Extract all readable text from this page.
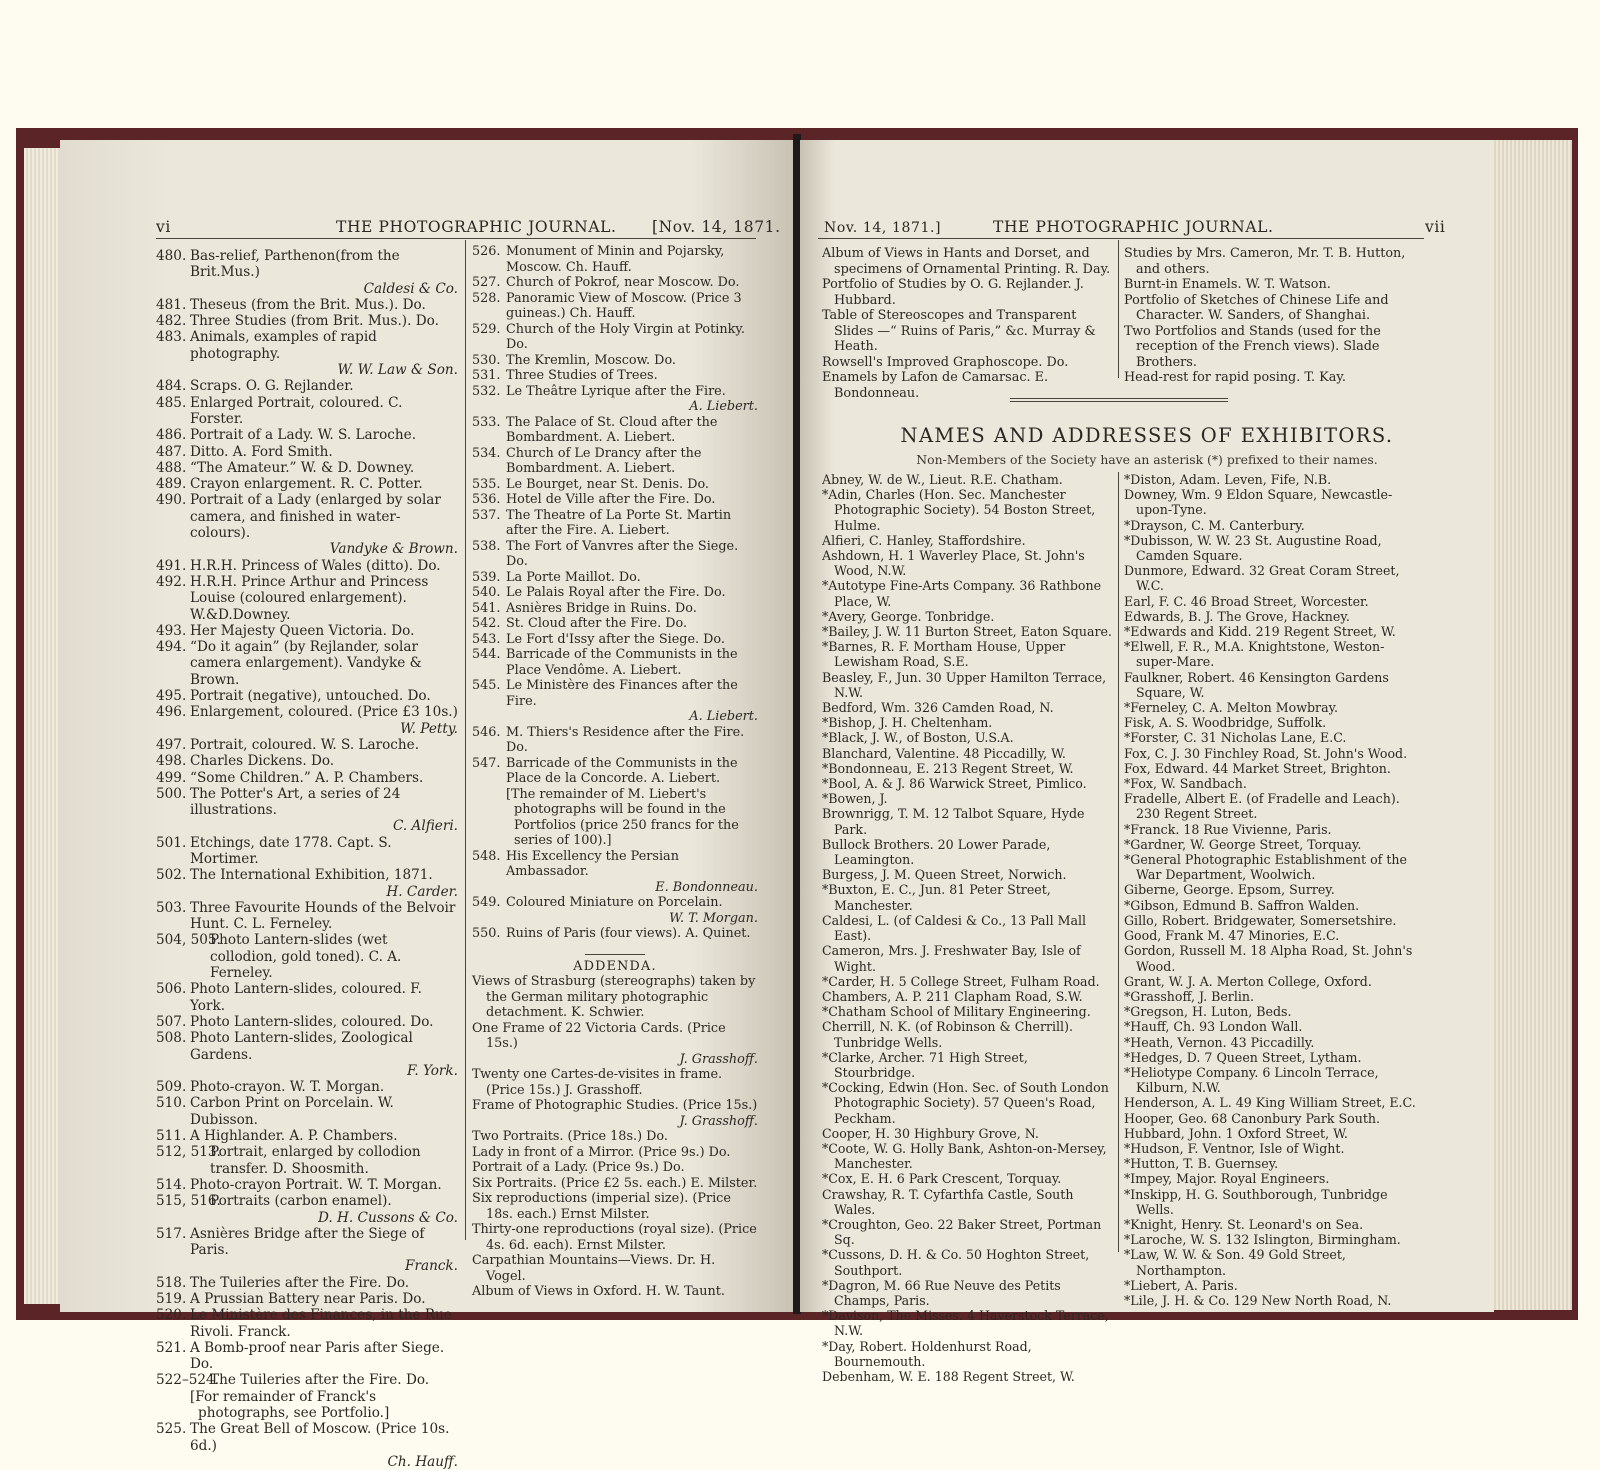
vi	THE PHOTOGRAPHIC JOURNAL. [Nov. 14, 1871.
480. Bas-relief, Parthenon(from the Brit.Mus.)
Caldesi & Co.
481. Theseus (from the Brit. Mus.). Do.
482. Three Studies (from Brit. Mus.). Do.
483. Animals, examples of rapid photography.
W. W. Law & Son.
484. Scraps. O. G. Rejlander.
485. Enlarged Portrait, coloured. C. Forster.
486. Portrait of a Lady. W. S. Laroche.
487. Ditto. A. Ford Smith.
488. “The Amateur.” W. & D. Downey.
489. Crayon enlargement. R. C. Potter.
490. Portrait of a Lady (enlarged by solar camera, and finished in water-colours).
Vandyke & Brown.
491. H.R.H. Princess of Wales (ditto). Do.
492. H.R.H. Prince Arthur and Princess Louise (coloured enlargement). W.&D.Downey.
493. Her Majesty Queen Victoria. Do.
494. “Do it again” (by Rejlander, solar camera enlargement). Vandyke & Brown.
495. Portrait (negative), untouched. Do.
496. Enlargement, coloured. (Price £3 10s.)
W. Petty.
497. Portrait, coloured. W. S. Laroche.
498. Charles Dickens. Do.
499. “Some Children.” A. P. Chambers.
500. The Potter's Art, a series of 24 illustrations.
C. Alfieri.
501. Etchings, date 1778. Capt. S. Mortimer.
502. The International Exhibition, 1871.
H. Carder.
503. Three Favourite Hounds of the Belvoir Hunt. C. L. Ferneley.
504, 505.
Photo Lantern-slides (wet collodion, gold toned). C. A. Ferneley.
506. Photo Lantern-slides, coloured. F. York.
507. Photo Lantern-slides, coloured. Do.
508. Photo Lantern-slides, Zoological Gardens.
F. York.
509. Photo-crayon. W. T. Morgan.
510. Carbon Print on Porcelain. W. Dubisson.
511. A Highlander. A. P. Chambers.
512, 513.
Portrait, enlarged by collodion transfer. D. Shoosmith.
514. Photo-crayon Portrait. W. T. Morgan.
515, 516.
Portraits (carbon enamel).
D. H. Cussons & Co.
517. Asnières Bridge after the Siege of Paris.
Franck.
518. The Tuileries after the Fire. Do.
519. A Prussian Battery near Paris. Do.
520. Le Ministère des Finances, in the Rue Rivoli. Franck.
521. A Bomb-proof near Paris after Siege. Do.
522–524.
The Tuileries after the Fire. Do.
[For remainder of Franck's photographs, see Portfolio.]
525. The Great Bell of Moscow. (Price 10s. 6d.)
Ch. Hauff.
526. Monument of Minin and Pojarsky, Moscow. Ch. Hauff.
527. Church of Pokrof, near Moscow. Do.
528. Panoramic View of Moscow. (Price 3 guineas.) Ch. Hauff.
529. Church of the Holy Virgin at Potinky. Do.
530. The Kremlin, Moscow. Do.
531. Three Studies of Trees.
532. Le Theâtre Lyrique after the Fire.
A. Liebert.
533. The Palace of St. Cloud after the Bombardment. A. Liebert.
534. Church of Le Drancy after the Bombardment. A. Liebert.
535. Le Bourget, near St. Denis. Do.
536. Hotel de Ville after the Fire. Do.
537. The Theatre of La Porte St. Martin after the Fire. A. Liebert.
538. The Fort of Vanvres after the Siege. Do.
539. La Porte Maillot. Do.
540. Le Palais Royal after the Fire. Do.
541. Asnières Bridge in Ruins. Do.
542. St. Cloud after the Fire. Do.
543. Le Fort d'Issy after the Siege. Do.
544. Barricade of the Communists in the Place Vendôme. A. Liebert.
545. Le Ministère des Finances after the Fire.
A. Liebert.
546. M. Thiers's Residence after the Fire. Do.
547. Barricade of the Communists in the Place de la Concorde. A. Liebert.
[The remainder of M. Liebert's photographs will be found in the Portfolios (price 250 francs for the series of 100).]
548. His Excellency the Persian Ambassador.
E. Bondonneau.
549. Coloured Miniature on Porcelain.
W. T. Morgan.
550. Ruins of Paris (four views). A. Quinet.
ADDENDA.
Views of Strasburg (stereographs) taken by the German military photographic detachment. K. Schwier.
One Frame of 22 Victoria Cards. (Price 15s.)
J. Grasshoff.
Twenty one Cartes-de-visites in frame. (Price 15s.) J. Grasshoff.
Frame of Photographic Studies. (Price 15s.)
J. Grasshoff.
Two Portraits. (Price 18s.) Do.
Lady in front of a Mirror. (Price 9s.) Do.
Portrait of a Lady. (Price 9s.) Do.
Six Portraits. (Price £2 5s. each.) E. Milster.
Six reproductions (imperial size). (Price 18s. each.) Ernst Milster.
Thirty-one reproductions (royal size). (Price 4s. 6d. each). Ernst Milster.
Carpathian Mountains—Views. Dr. H. Vogel.
Album of Views in Oxford. H. W. Taunt.
Nov. 14, 1871.]	THE PHOTOGRAPHIC JOURNAL.	vii
Album of Views in Hants and Dorset, and specimens of Ornamental Printing. R. Day.
Portfolio of Studies by O. G. Rejlander. J. Hubbard.
Table of Stereoscopes and Transparent Slides —“ Ruins of Paris,” &c. Murray & Heath.
Rowsell's Improved Graphoscope. Do.
Enamels by Lafon de Camarsac. E. Bondonneau.
Studies by Mrs. Cameron, Mr. T. B. Hutton, and others.
Burnt-in Enamels. W. T. Watson.
Portfolio of Sketches of Chinese Life and Character. W. Sanders, of Shanghai.
Two Portfolios and Stands (used for the reception of the French views). Slade Brothers.
Head-rest for rapid posing. T. Kay.
NAMES AND ADDRESSES OF EXHIBITORS.
Non-Members of the Society have an asterisk (*) prefixed to their names.
Abney, W. de W., Lieut. R.E. Chatham.
*Adin, Charles (Hon. Sec. Manchester Photographic Society). 54 Boston Street, Hulme.
Alfieri, C. Hanley, Staffordshire.
Ashdown, H. 1 Waverley Place, St. John's Wood, N.W.
*Autotype Fine-Arts Company. 36 Rathbone Place, W.
*Avery, George. Tonbridge.
*Bailey, J. W. 11 Burton Street, Eaton Square.
*Barnes, R. F. Mortham House, Upper Lewisham Road, S.E.
Beasley, F., Jun. 30 Upper Hamilton Terrace, N.W.
Bedford, Wm. 326 Camden Road, N.
*Bishop, J. H. Cheltenham.
*Black, J. W., of Boston, U.S.A.
Blanchard, Valentine. 48 Piccadilly, W.
*Bondonneau, E. 213 Regent Street, W.
*Bool, A. & J. 86 Warwick Street, Pimlico.
*Bowen, J.
Brownrigg, T. M. 12 Talbot Square, Hyde Park.
Bullock Brothers. 20 Lower Parade, Leamington.
Burgess, J. M. Queen Street, Norwich.
*Buxton, E. C., Jun. 81 Peter Street, Manchester.
Caldesi, L. (of Caldesi & Co., 13 Pall Mall East).
Cameron, Mrs. J. Freshwater Bay, Isle of Wight.
*Carder, H. 5 College Street, Fulham Road.
Chambers, A. P. 211 Clapham Road, S.W.
*Chatham School of Military Engineering.
Cherrill, N. K. (of Robinson & Cherrill). Tunbridge Wells.
*Clarke, Archer. 71 High Street, Stourbridge.
*Cocking, Edwin (Hon. Sec. of South London Photographic Society). 57 Queen's Road, Peckham.
Cooper, H. 30 Highbury Grove, N.
*Coote, W. G. Holly Bank, Ashton-on-Mersey, Manchester.
*Cox, E. H. 6 Park Crescent, Torquay.
Crawshay, R. T. Cyfarthfa Castle, South Wales.
*Croughton, Geo. 22 Baker Street, Portman Sq.
*Cussons, D. H. & Co. 50 Hoghton Street, Southport.
*Dagron, M. 66 Rue Neuve des Petits Champs, Paris.
*Davison, The Misses. 4 Haverstock Terrace, N.W.
*Day, Robert. Holdenhurst Road, Bournemouth.
Debenham, W. E. 188 Regent Street, W.
*Diston, Adam. Leven, Fife, N.B.
Downey, Wm. 9 Eldon Square, Newcastle-upon-Tyne.
*Drayson, C. M. Canterbury.
*Dubisson, W. W. 23 St. Augustine Road, Camden Square.
Dunmore, Edward. 32 Great Coram Street, W.C.
Earl, F. C. 46 Broad Street, Worcester.
Edwards, B. J. The Grove, Hackney.
*Edwards and Kidd. 219 Regent Street, W.
*Elwell, F. R., M.A. Knightstone, Weston-super-Mare.
Faulkner, Robert. 46 Kensington Gardens Square, W.
*Ferneley, C. A. Melton Mowbray.
Fisk, A. S. Woodbridge, Suffolk.
*Forster, C. 31 Nicholas Lane, E.C.
Fox, C. J. 30 Finchley Road, St. John's Wood.
Fox, Edward. 44 Market Street, Brighton.
*Fox, W. Sandbach.
Fradelle, Albert E. (of Fradelle and Leach). 230 Regent Street.
*Franck. 18 Rue Vivienne, Paris.
*Gardner, W. George Street, Torquay.
*General Photographic Establishment of the War Department, Woolwich.
Giberne, George. Epsom, Surrey.
*Gibson, Edmund B. Saffron Walden.
Gillo, Robert. Bridgewater, Somersetshire.
Good, Frank M. 47 Minories, E.C.
Gordon, Russell M. 18 Alpha Road, St. John's Wood.
Grant, W. J. A. Merton College, Oxford.
*Grasshoff, J. Berlin.
*Gregson, H. Luton, Beds.
*Hauff, Ch. 93 London Wall.
*Heath, Vernon. 43 Piccadilly.
*Hedges, D. 7 Queen Street, Lytham.
*Heliotype Company. 6 Lincoln Terrace, Kilburn, N.W.
Henderson, A. L. 49 King William Street, E.C.
Hooper, Geo. 68 Canonbury Park South.
Hubbard, John. 1 Oxford Street, W.
*Hudson, F. Ventnor, Isle of Wight.
*Hutton, T. B. Guernsey.
*Impey, Major. Royal Engineers.
*Inskipp, H. G. Southborough, Tunbridge Wells.
*Knight, Henry. St. Leonard's on Sea.
*Laroche, W. S. 132 Islington, Birmingham.
*Law, W. W. & Son. 49 Gold Street, Northampton.
*Liebert, A. Paris.
*Lile, J. H. & Co. 129 New North Road, N.
